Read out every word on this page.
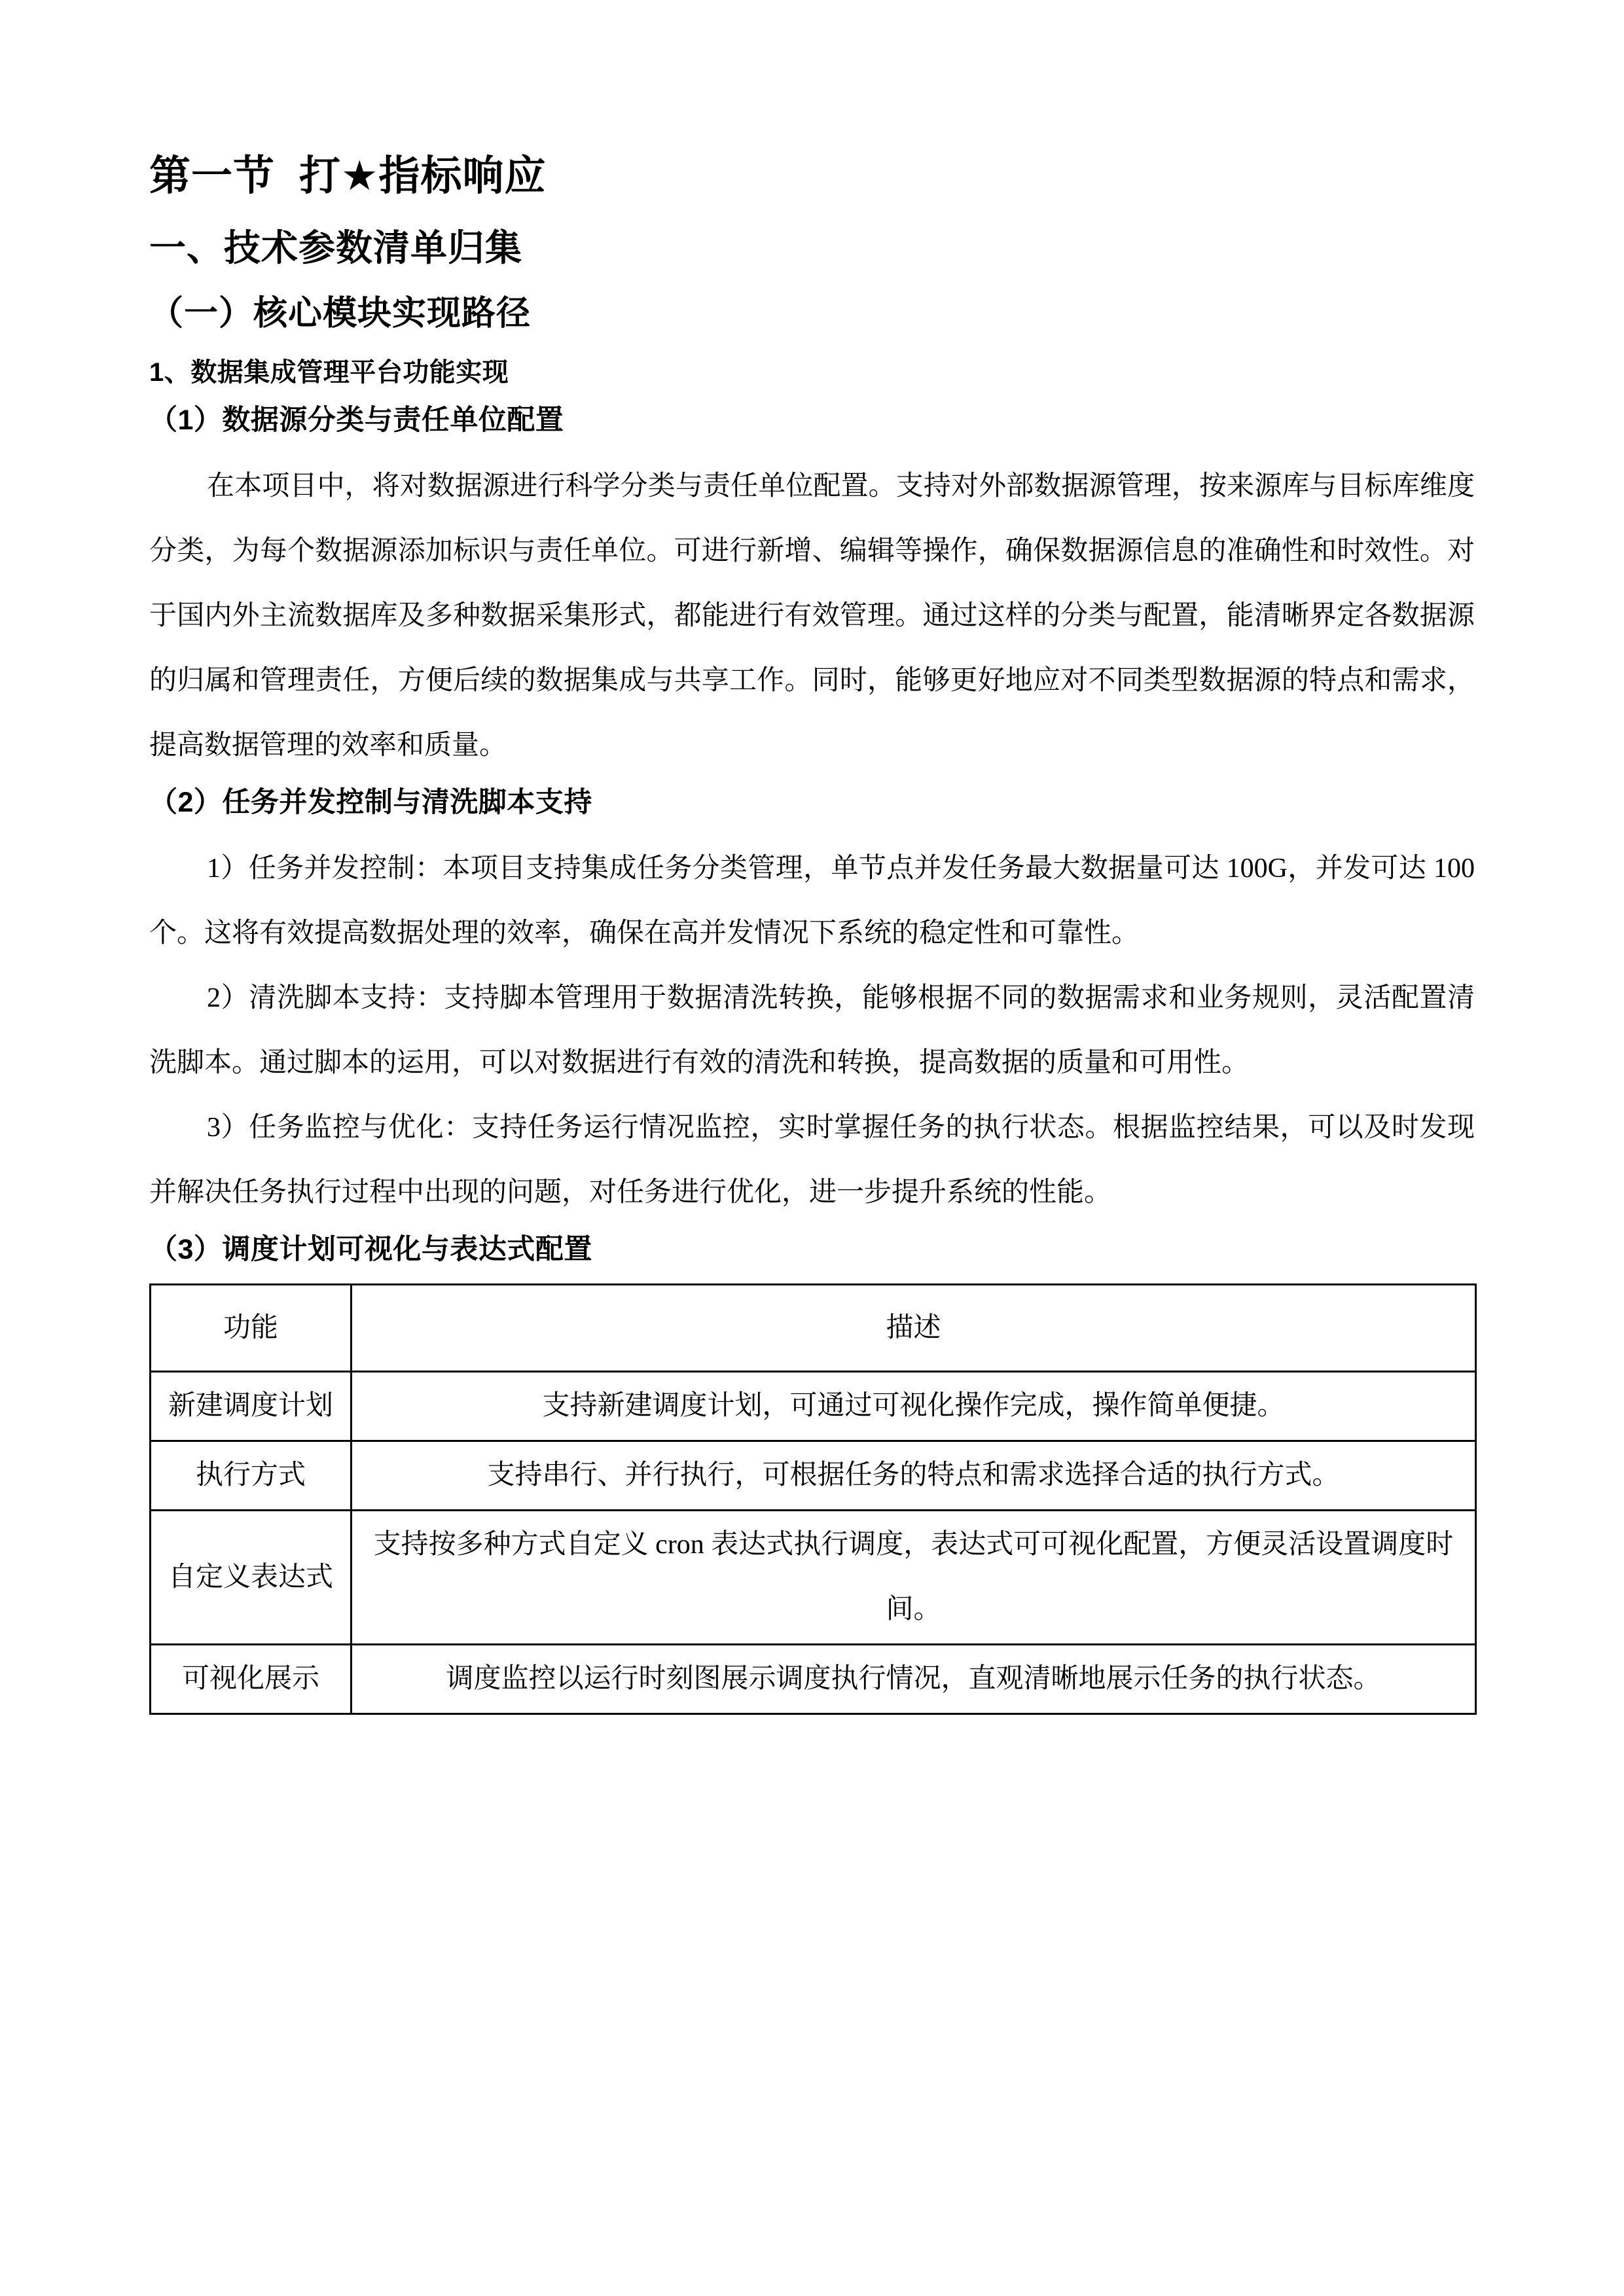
第一节  打★指标响应
一、技术参数清单归集
（一）核心模块实现路径
1、数据集成管理平台功能实现
（1）数据源分类与责任单位配置

在本项目中，将对数据源进行科学分类与责任单位配置。支持对外部数据源管理，按来源库与目标库维度分类，为每个数据源添加标识与责任单位。可进行新增、编辑等操作，确保数据源信息的准确性和时效性。对于国内外主流数据库及多种数据采集形式，都能进行有效管理。通过这样的分类与配置，能清晰界定各数据源的归属和管理责任，方便后续的数据集成与共享工作。同时，能够更好地应对不同类型数据源的特点和需求，提高数据管理的效率和质量。

（2）任务并发控制与清洗脚本支持

1）任务并发控制：本项目支持集成任务分类管理，单节点并发任务最大数据量可达 100G，并发可达 100 个。这将有效提高数据处理的效率，确保在高并发情况下系统的稳定性和可靠性。

2）清洗脚本支持：支持脚本管理用于数据清洗转换，能够根据不同的数据需求和业务规则，灵活配置清洗脚本。通过脚本的运用，可以对数据进行有效的清洗和转换，提高数据的质量和可用性。

3）任务监控与优化：支持任务运行情况监控，实时掌握任务的执行状态。根据监控结果，可以及时发现并解决任务执行过程中出现的问题，对任务进行优化，进一步提升系统的性能。

（3）调度计划可视化与表达式配置
功能	描述
新建调度计划	支持新建调度计划，可通过可视化操作完成，操作简单便捷。
执行方式	支持串行、并行执行，可根据任务的特点和需求选择合适的执行方式。
自定义表达式	支持按多种方式自定义 cron 表达式执行调度，表达式可可视化配置，方便灵活设置调度时间。
可视化展示	调度监控以运行时刻图展示调度执行情况，直观清晰地展示任务的执行状态。
